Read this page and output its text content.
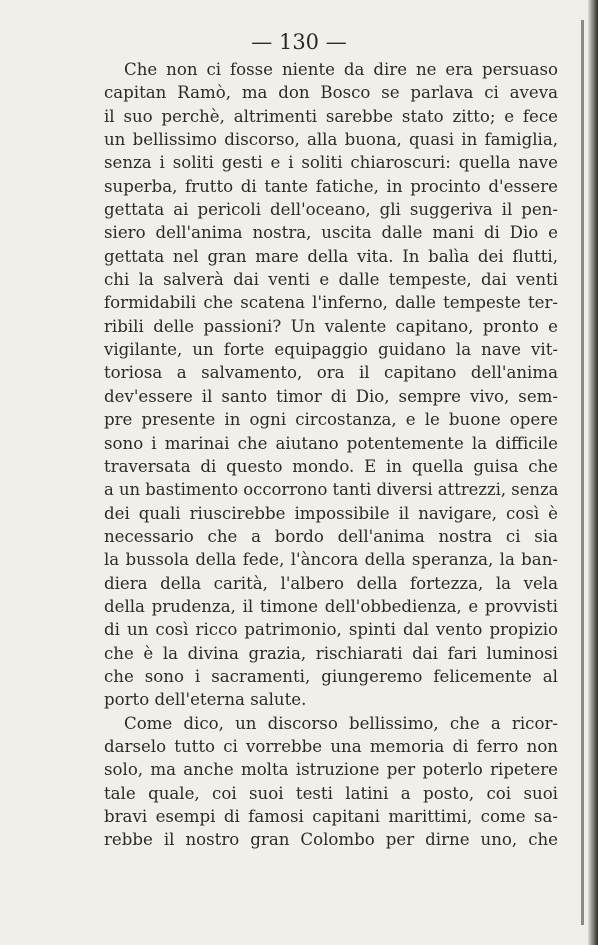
— 130 —
Che non ci fosse niente da dire ne era persuaso
capitan Ramò, ma don Bosco se parlava ci aveva
il suo perchè, altrimenti sarebbe stato zitto; e fece
un bellissimo discorso, alla buona, quasi in famiglia,
senza i soliti gesti e i soliti chiaroscuri: quella nave
superba, frutto di tante fatiche, in procinto d'essere
gettata ai pericoli dell'oceano, gli suggeriva il pen-
siero dell'anima nostra, uscita dalle mani di Dio e
gettata nel gran mare della vita. In balìa dei flutti,
chi la salverà dai venti e dalle tempeste, dai venti
formidabili che scatena l'inferno, dalle tempeste ter-
ribili delle passioni? Un valente capitano, pronto e
vigilante, un forte equipaggio guidano la nave vit-
toriosa a salvamento, ora il capitano dell'anima
dev'essere il santo timor di Dio, sempre vivo, sem-
pre presente in ogni circostanza, e le buone opere
sono i marinai che aiutano potentemente la difficile
traversata di questo mondo. E in quella guisa che
a un bastimento occorrono tanti diversi attrezzi, senza
dei quali riuscirebbe impossibile il navigare, così è
necessario che a bordo dell'anima nostra ci sia
la bussola della fede, l'àncora della speranza, la ban-
diera della carità, l'albero della fortezza, la vela
della prudenza, il timone dell'obbedienza, e provvisti
di un così ricco patrimonio, spinti dal vento propizio
che è la divina grazia, rischiarati dai fari luminosi
che sono i sacramenti, giungeremo felicemente al
porto dell'eterna salute.
Come dico, un discorso bellissimo, che a ricor-
darselo tutto ci vorrebbe una memoria di ferro non
solo, ma anche molta istruzione per poterlo ripetere
tale quale, coi suoi testi latini a posto, coi suoi
bravi esempi di famosi capitani marittimi, come sa-
rebbe il nostro gran Colombo per dirne uno, che
